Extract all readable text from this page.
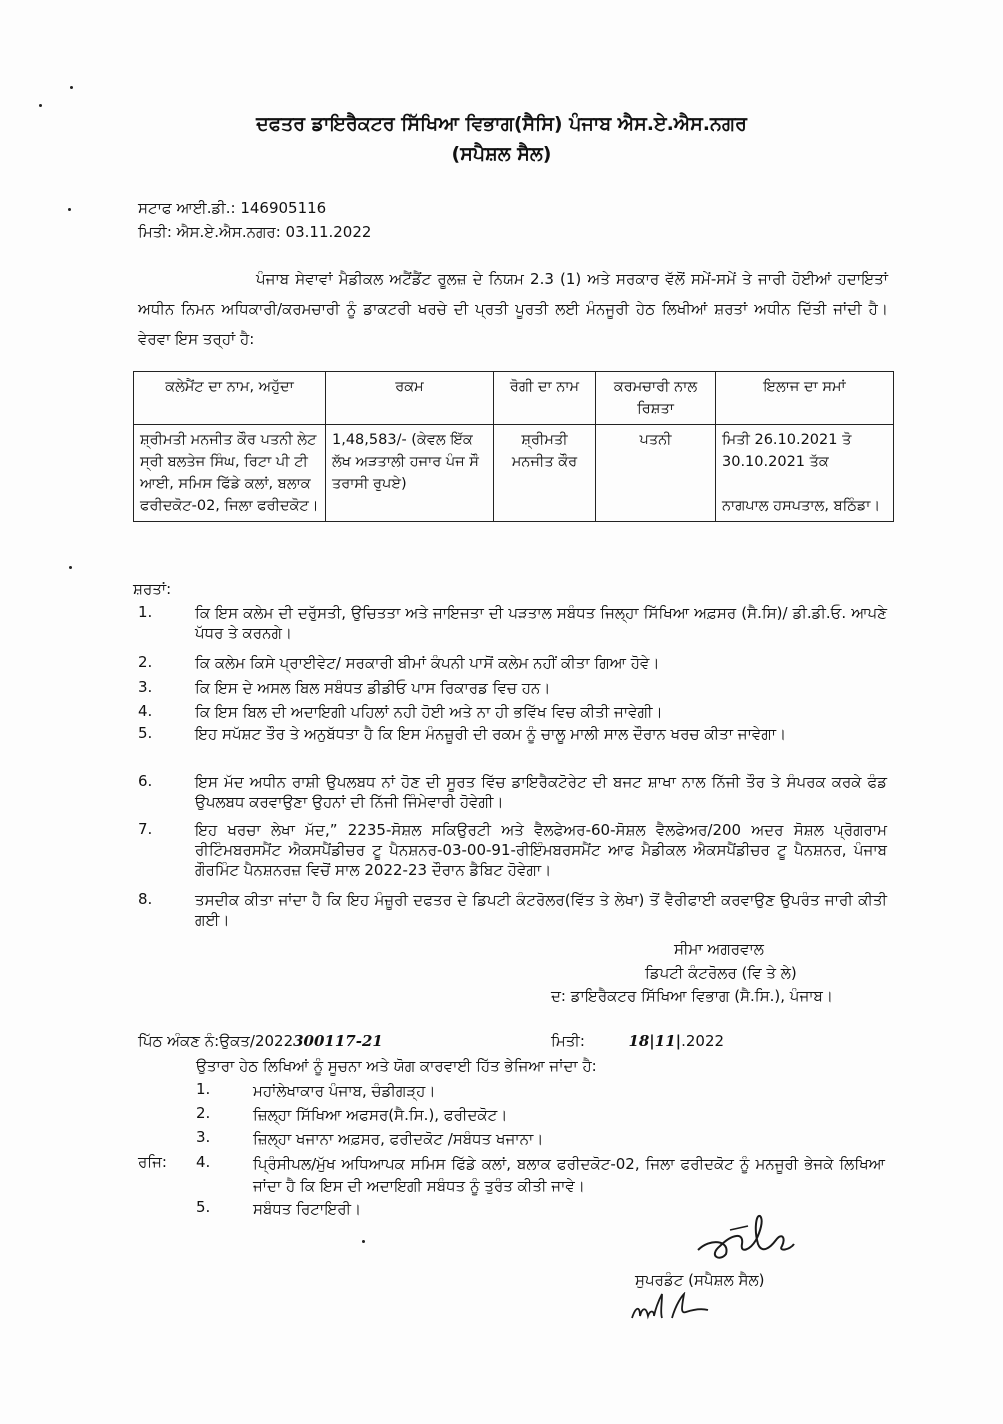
ਦਫਤਰ ਡਾਇਰੈਕਟਰ ਸਿੱਖਿਆ ਵਿਭਾਗ(ਸੈਸਿ) ਪੰਜਾਬ ਐਸ.ਏ.ਐਸ.ਨਗਰ
(ਸਪੈਸ਼ਲ ਸੈਲ)
ਸਟਾਫ ਆਈ.ਡੀ.: 146905116
ਮਿਤੀ: ਐਸ.ਏ.ਐਸ.ਨਗਰ: 03.11.2022
ਪੰਜਾਬ ਸੇਵਾਵਾਂ ਮੈਡੀਕਲ ਅਟੈਂਡੈਂਟ ਰੂਲਜ਼ ਦੇ ਨਿਯਮ 2.3 (1) ਅਤੇ ਸਰਕਾਰ ਵੱਲੋਂ ਸਮੇਂ-ਸਮੇਂ ਤੇ ਜਾਰੀ ਹੋਈਆਂ ਹਦਾਇਤਾਂ ਅਧੀਨ ਨਿਮਨ ਅਧਿਕਾਰੀ/ਕਰਮਚਾਰੀ ਨੂੰ ਡਾਕਟਰੀ ਖਰਚੇ ਦੀ ਪ੍ਰਤੀ ਪੂਰਤੀ ਲਈ ਮੰਨਜੂਰੀ ਹੇਠ ਲਿਖੀਆਂ ਸ਼ਰਤਾਂ ਅਧੀਨ ਦਿੱਤੀ ਜਾਂਦੀ ਹੈ। ਵੇਰਵਾ ਇਸ ਤਰ੍ਹਾਂ ਹੈ:
ਕਲੇਮੈਂਟ ਦਾ ਨਾਮ, ਅਹੁੱਦਾ	ਰਕਮ	ਰੋਗੀ ਦਾ ਨਾਮ	ਕਰਮਚਾਰੀ ਨਾਲ ਰਿਸ਼ਤਾ	ਇਲਾਜ ਦਾ ਸਮਾਂ
ਸ਼੍ਰੀਮਤੀ ਮਨਜੀਤ ਕੌਰ ਪਤਨੀ ਲੇਟ ਸ੍ਰੀ ਬਲਤੇਜ ਸਿੰਘ, ਰਿਟਾ ਪੀ ਟੀ ਆਈ, ਸਮਿਸ ਫਿੱਡੇ ਕਲਾਂ, ਬਲਾਕ ਫਰੀਦਕੋਟ-02, ਜਿਲਾ ਫਰੀਦਕੋਟ।	1,48,583/- (ਕੇਵਲ ਇੱਕ ਲੱਖ ਅੜਤਾਲੀ ਹਜਾਰ ਪੰਜ ਸੌ ਤਰਾਸੀ ਰੁਪਏ)	ਸ਼੍ਰੀਮਤੀ ਮਨਜੀਤ ਕੌਰ	ਪਤਨੀ	ਮਿਤੀ 26.10.2021 ਤੋ 30.10.2021 ਤੱਕ
ਨਾਗਪਾਲ ਹਸਪਤਾਲ, ਬਠਿੰਡਾ।
ਸ਼ਰਤਾਂ:
1.	ਕਿ ਇਸ ਕਲੇਮ ਦੀ ਦਰੁੱਸਤੀ, ਉਚਿਤਤਾ ਅਤੇ ਜਾਇਜਤਾ ਦੀ ਪੜਤਾਲ ਸਬੰਧਤ ਜਿਲ੍ਹਾ ਸਿੱਖਿਆ ਅਫ਼ਸਰ (ਸੈ.ਸਿ)/ ਡੀ.ਡੀ.ਓ. ਆਪਣੇ ਪੱਧਰ ਤੇ ਕਰਨਗੇ।
2.	ਕਿ ਕਲੇਮ ਕਿਸੇ ਪ੍ਰਾਈਵੇਟ/ ਸਰਕਾਰੀ ਬੀਮਾਂ ਕੰਪਨੀ ਪਾਸੋਂ ਕਲੇਮ ਨਹੀਂ ਕੀਤਾ ਗਿਆ ਹੋਵੇ।
3.	ਕਿ ਇਸ ਦੇ ਅਸਲ ਬਿਲ ਸਬੰਧਤ ਡੀਡੀਓ ਪਾਸ ਰਿਕਾਰਡ ਵਿਚ ਹਨ।
4.	ਕਿ ਇਸ ਬਿਲ ਦੀ ਅਦਾਇਗੀ ਪਹਿਲਾਂ ਨਹੀ ਹੋਈ ਅਤੇ ਨਾ ਹੀ ਭਵਿੱਖ ਵਿਚ ਕੀਤੀ ਜਾਵੇਗੀ।
5.	ਇਹ ਸਪੱਸ਼ਟ ਤੌਰ ਤੇ ਅਨੁਬੱਧਤਾ ਹੈ ਕਿ ਇਸ ਮੰਨਜ਼ੂਰੀ ਦੀ ਰਕਮ ਨੂੰ ਚਾਲੂ ਮਾਲੀ ਸਾਲ ਦੌਰਾਨ ਖਰਚ ਕੀਤਾ ਜਾਵੇਗਾ।
6.	ਇਸ ਮੱਦ ਅਧੀਨ ਰਾਸ਼ੀ ਉਪਲਬਧ ਨਾਂ ਹੋਣ ਦੀ ਸੂਰਤ ਵਿੱਚ ਡਾਇਰੈਕਟੋਰੇਟ ਦੀ ਬਜਟ ਸ਼ਾਖਾ ਨਾਲ ਨਿੱਜੀ ਤੌਰ ਤੇ ਸੰਪਰਕ ਕਰਕੇ ਫੰਡ ਉਪਲਬਧ ਕਰਵਾਉਣਾ ਉਹਨਾਂ ਦੀ ਨਿੱਜੀ ਜਿੰਮੇਵਾਰੀ ਹੋਵੇਗੀ।
7.	ਇਹ ਖਰਚਾ ਲੇਖਾ ਮੱਦ,” 2235-ਸੋਸ਼ਲ ਸਕਿਉਰਟੀ ਅਤੇ ਵੈਲਫੇਅਰ-60-ਸੋਸ਼ਲ ਵੈਲਫੇਅਰ/200 ਅਦਰ ਸੋਸ਼ਲ ਪ੍ਰੋਗਰਾਮ ਰੀਟਿੰਮਬਰਸਮੈਂਟ ਐਕਸਪੈਂਡੀਚਰ ਟੂ ਪੈਨਸ਼ਨਰ-03-00-91-ਰੀਇੰਮਬਰਸਮੈਂਟ ਆਫ ਮੈਡੀਕਲ ਐਕਸਪੈਂਡੀਚਰ ਟੂ ਪੈਨਸ਼ਨਰ, ਪੰਜਾਬ ਗੌਰਮਿੰਟ ਪੈਨਸ਼ਨਰਜ਼ ਵਿਚੋਂ ਸਾਲ 2022-23 ਦੌਰਾਨ ਡੈਬਿਟ ਹੋਵੇਗਾ।
8.	ਤਸਦੀਕ ਕੀਤਾ ਜਾਂਦਾ ਹੈ ਕਿ ਇਹ ਮੰਜ਼ੂਰੀ ਦਫਤਰ ਦੇ ਡਿਪਟੀ ਕੰਟਰੋਲਰ(ਵਿੱਤ ਤੇ ਲੇਖਾ) ਤੋਂ ਵੈਰੀਫਾਈ ਕਰਵਾਉਣ ਉਪਰੰਤ ਜਾਰੀ ਕੀਤੀ ਗਈ।
ਸੀਮਾ ਅਗਰਵਾਲ
ਡਿਪਟੀ ਕੰਟਰੋਲਰ (ਵਿ ਤੇ ਲੇ)
ਦ: ਡਾਇਰੈਕਟਰ ਸਿੱਖਿਆ ਵਿਭਾਗ (ਸੈ.ਸਿ.), ਪੰਜਾਬ।
ਪਿੱਠ ਅੰਕਣ ਨੰ:ਉਕਤ/2022300117-21	ਮਿਤੀ:	18|11|.2022
ਉਤਾਰਾ ਹੇਠ ਲਿਖਿਆਂ ਨੂੰ ਸੂਚਨਾ ਅਤੇ ਯੋਗ ਕਾਰਵਾਈ ਹਿੱਤ ਭੇਜਿਆ ਜਾਂਦਾ ਹੈ:
1.	ਮਹਾਂਲੇਖਾਕਾਰ ਪੰਜਾਬ, ਚੰਡੀਗੜ੍ਹ।
2.	ਜ਼ਿਲ੍ਹਾ ਸਿੱਖਿਆ ਅਫਸਰ(ਸੈ.ਸਿ.), ਫਰੀਦਕੋਟ।
3.	ਜ਼ਿਲ੍ਹਾ ਖਜਾਨਾ ਅਫ਼ਸਰ, ਫਰੀਦਕੋਟ /ਸਬੰਧਤ ਖਜਾਨਾ।
ਰਜਿ: 4.	ਪ੍ਰਿੰਸੀਪਲ/ਮੁੱਖ ਅਧਿਆਪਕ ਸਮਿਸ ਫਿੱਡੇ ਕਲਾਂ, ਬਲਾਕ ਫਰੀਦਕੋਟ-02, ਜਿਲਾ ਫਰੀਦਕੋਟ ਨੂੰ ਮਨਜੂਰੀ ਭੇਜਕੇ ਲਿਖਿਆ ਜਾਂਦਾ ਹੈ ਕਿ ਇਸ ਦੀ ਅਦਾਇਗੀ ਸਬੰਧਤ ਨੂੰ ਤੁਰੰਤ ਕੀਤੀ ਜਾਵੇ।
5.	ਸਬੰਧਤ ਰਿਟਾਇਰੀ।
ਸੁਪਰਡੰਟ (ਸਪੈਸ਼ਲ ਸੈਲ)
